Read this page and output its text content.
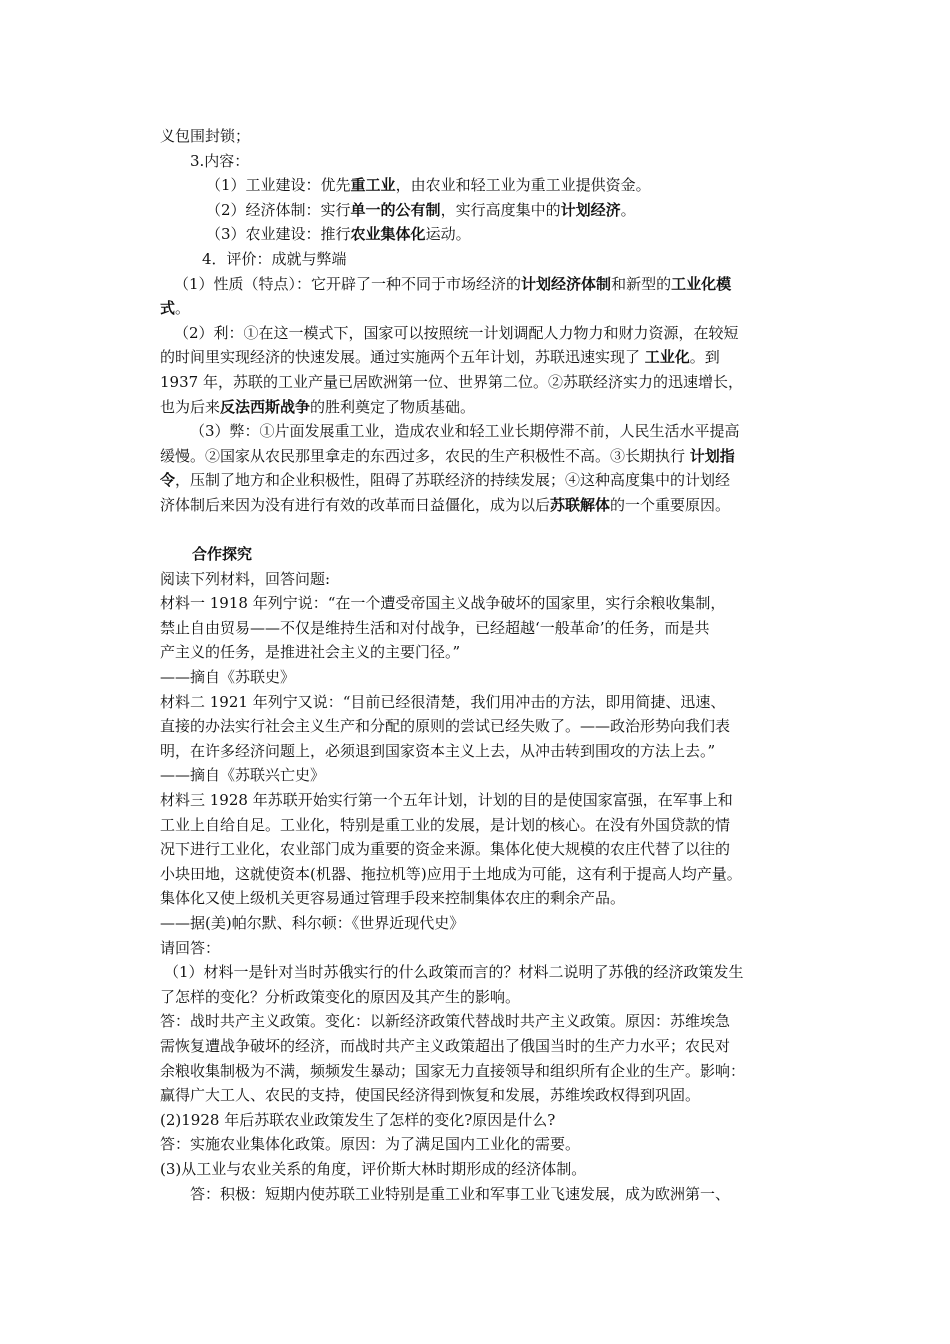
义包围封锁；
3.内容：
（1）工业建设：优先重工业，由农业和轻工业为重工业提供资金。
（2）经济体制：实行单一的公有制，实行高度集中的计划经济。
（3）农业建设：推行农业集体化运动。
4．评价：成就与弊端
（1）性质（特点）：它开辟了一种不同于市场经济的计划经济体制和新型的工业化模
式。
（2）利：①在这一模式下，国家可以按照统一计划调配人力物力和财力资源，在较短
的时间里实现经济的快速发展。通过实施两个五年计划，苏联迅速实现了 工业化。到
1937 年，苏联的工业产量已居欧洲第一位、世界第二位。②苏联经济实力的迅速增长，
也为后来反法西斯战争的胜利奠定了物质基础。
（3）弊：①片面发展重工业，造成农业和轻工业长期停滞不前，人民生活水平提高
缓慢。②国家从农民那里拿走的东西过多，农民的生产积极性不高。③长期执行 计划指
令，压制了地方和企业积极性，阻碍了苏联经济的持续发展；④这种高度集中的计划经
济体制后来因为没有进行有效的改革而日益僵化，成为以后苏联解体的一个重要原因。
合作探究
阅读下列材料，回答问题:
材料一 1918 年列宁说：“在一个遭受帝国主义战争破坏的国家里，实行余粮收集制，
禁止自由贸易——不仅是维持生活和对付战争，已经超越‘一般革命’的任务，而是共
产主义的任务，是推进社会主义的主要门径。”
——摘自《苏联史》
材料二 1921 年列宁又说：“目前已经很清楚，我们用冲击的方法，即用简捷、迅速、
直接的办法实行社会主义生产和分配的原则的尝试已经失败了。——政治形势向我们表
明，在许多经济问题上，必须退到国家资本主义上去，从冲击转到围攻的方法上去。”
——摘自《苏联兴亡史》
材料三 1928 年苏联开始实行第一个五年计划，计划的目的是使国家富强，在军事上和
工业上自给自足。工业化，特别是重工业的发展，是计划的核心。在没有外国贷款的情
况下进行工业化，农业部门成为重要的资金来源。集体化使大规模的农庄代替了以往的
小块田地，这就使资本(机器、拖拉机等)应用于土地成为可能，这有利于提高人均产量。
集体化又使上级机关更容易通过管理手段来控制集体农庄的剩余产品。
——据(美)帕尔默、科尔顿：《世界近现代史》
请回答：
（1）材料一是针对当时苏俄实行的什么政策而言的？材料二说明了苏俄的经济政策发生
了怎样的变化？分析政策变化的原因及其产生的影响。
答：战时共产主义政策。变化：以新经济政策代替战时共产主义政策。原因：苏维埃急
需恢复遭战争破坏的经济，而战时共产主义政策超出了俄国当时的生产力水平；农民对
余粮收集制极为不满，频频发生暴动；国家无力直接领导和组织所有企业的生产。影响：
赢得广大工人、农民的支持，使国民经济得到恢复和发展，苏维埃政权得到巩固。
(2)1928 年后苏联农业政策发生了怎样的变化?原因是什么?
答：实施农业集体化政策。原因：为了满足国内工业化的需要。
(3)从工业与农业关系的角度，评价斯大林时期形成的经济体制。
答：积极：短期内使苏联工业特别是重工业和军事工业飞速发展，成为欧洲第一、
